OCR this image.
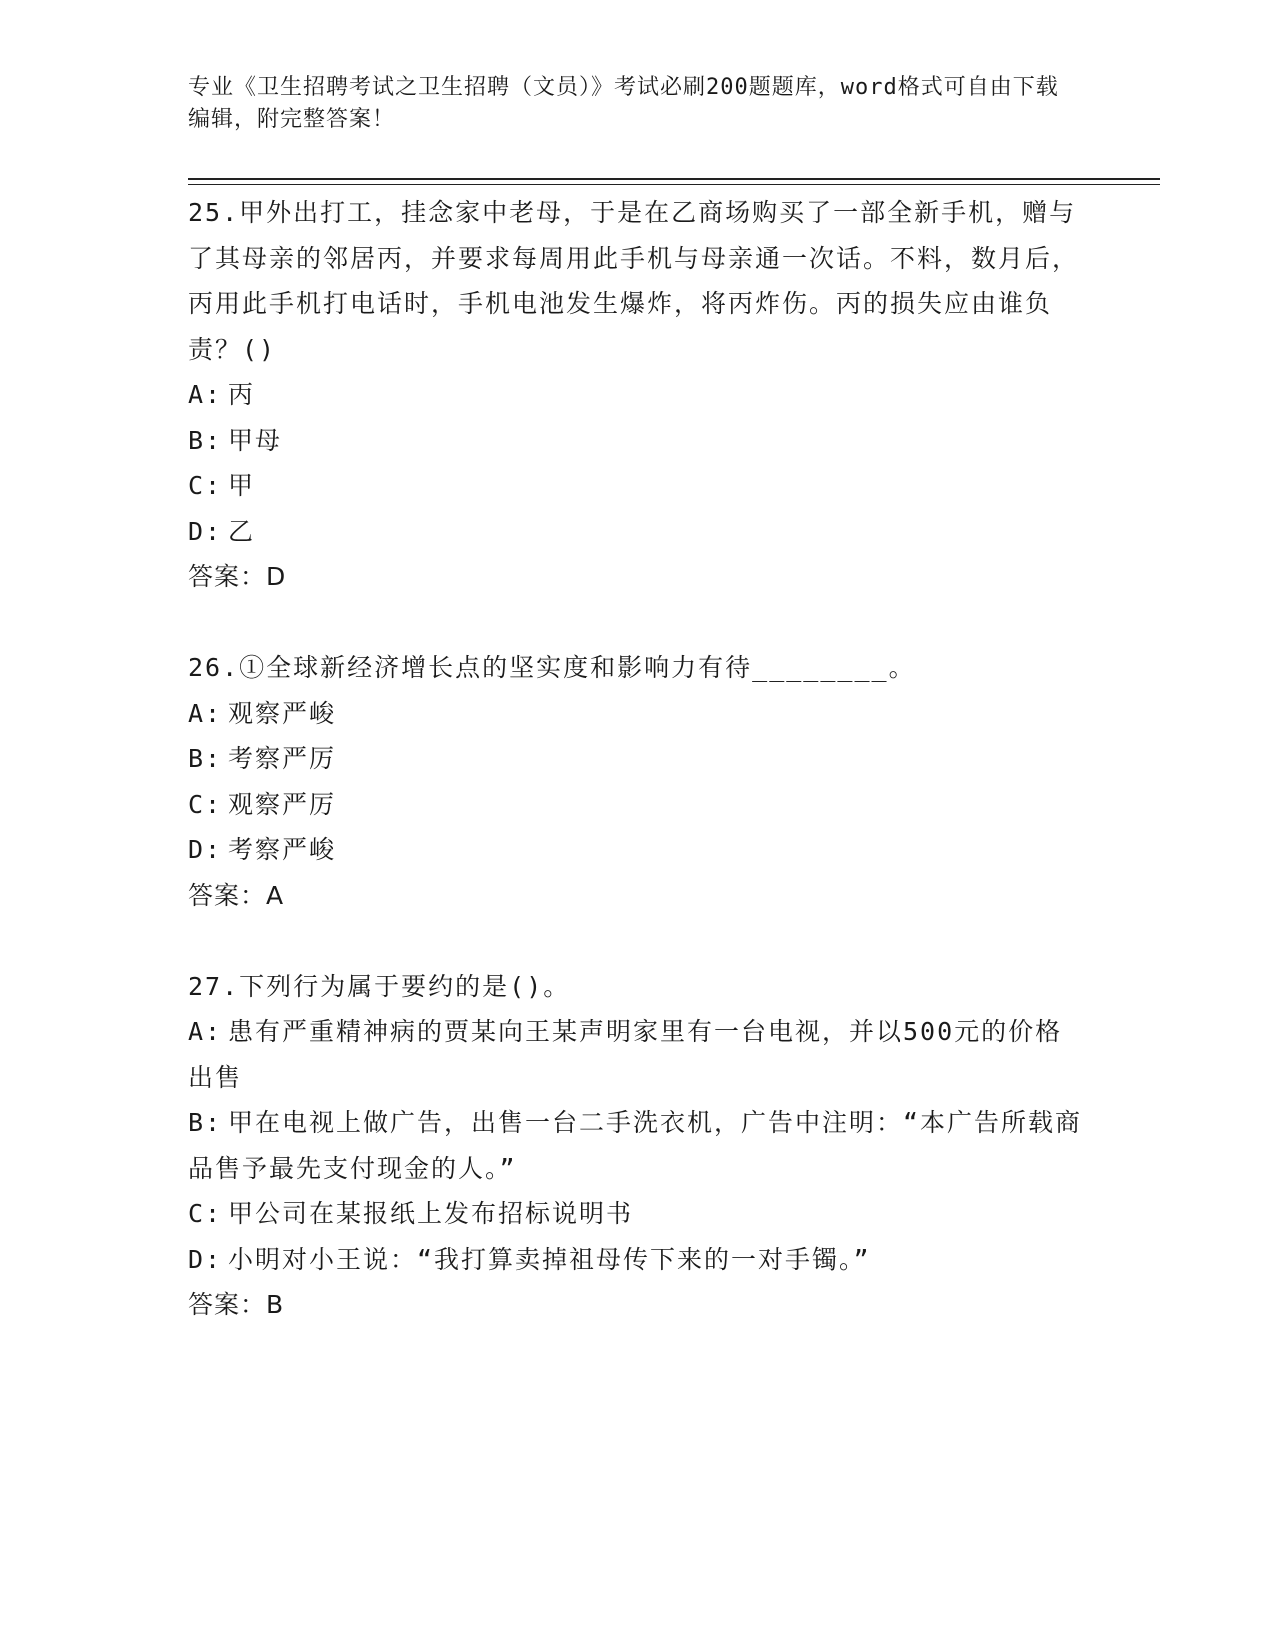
专业《卫生招聘考试之卫生招聘（文员）》考试必刷200题题库，word格式可自由下载编辑，附完整答案！

25.甲外出打工，挂念家中老母，于是在乙商场购买了一部全新手机，赠与了其母亲的邻居丙，并要求每周用此手机与母亲通一次话。不料，数月后，丙用此手机打电话时，手机电池发生爆炸，将丙炸伤。丙的损失应由谁负责？()

A: 丙

B: 甲母

C: 甲

D: 乙

答案：D

26.①全球新经济增长点的坚实度和影响力有待________。

A: 观察严峻

B: 考察严厉

C: 观察严厉

D: 考察严峻

答案：A

27.下列行为属于要约的是()。

A: 患有严重精神病的贾某向王某声明家里有一台电视，并以500元的价格出售

B: 甲在电视上做广告，出售一台二手洗衣机，广告中注明：“本广告所载商品售予最先支付现金的人。”

C: 甲公司在某报纸上发布招标说明书

D: 小明对小王说：“我打算卖掉祖母传下来的一对手镯。”

答案：B
